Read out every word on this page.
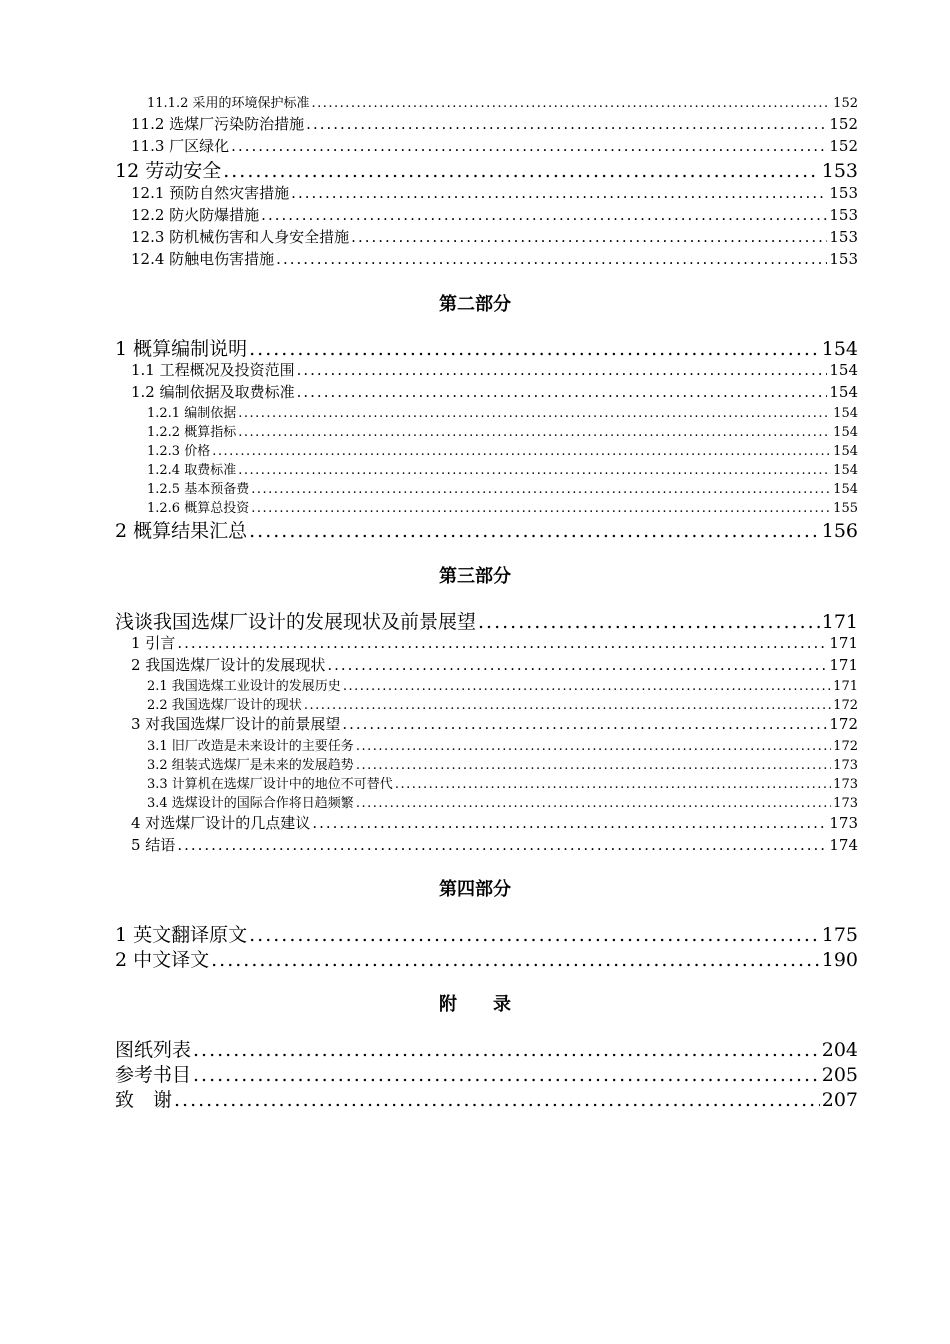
11.1.2 采用的环境保护标准 .....	152
11.2 选煤厂污染防治措施 .....	152
11.3 厂区绿化 .....	152
12 劳动安全 .....	153
12.1 预防自然灾害措施 .....	153
12.2 防火防爆措施 .....	153
12.3 防机械伤害和人身安全措施 .....	153
12.4 防触电伤害措施 .....	153
第二部分
1 概算编制说明 .....	154
1.1 工程概况及投资范围 .....	154
1.2 编制依据及取费标准 .....	154
1.2.1 编制依据 .....	154
1.2.2 概算指标 .....	154
1.2.3 价格 .....	154
1.2.4 取费标准 .....	154
1.2.5 基本预备费 .....	154
1.2.6 概算总投资 .....	155
2 概算结果汇总 .....	156
第三部分
浅谈我国选煤厂设计的发展现状及前景展望 .....	171
1 引言 .....	171
2 我国选煤厂设计的发展现状 .....	171
2.1 我国选煤工业设计的发展历史 .....	171
2.2 我国选煤厂设计的现状 .....	172
3 对我国选煤厂设计的前景展望 .....	172
3.1 旧厂改造是未来设计的主要任务 .....	172
3.2 组装式选煤厂是未来的发展趋势 .....	173
3.3 计算机在选煤厂设计中的地位不可替代 .....	173
3.4 选煤设计的国际合作将日趋频繁 .....	173
4 对选煤厂设计的几点建议 .....	173
5 结语 .....	174
第四部分
1 英文翻译原文 .....	175
2 中文译文 .....	190
附　　录
图纸列表 .....	204
参考书目 .....	205
致　谢 .....	207
